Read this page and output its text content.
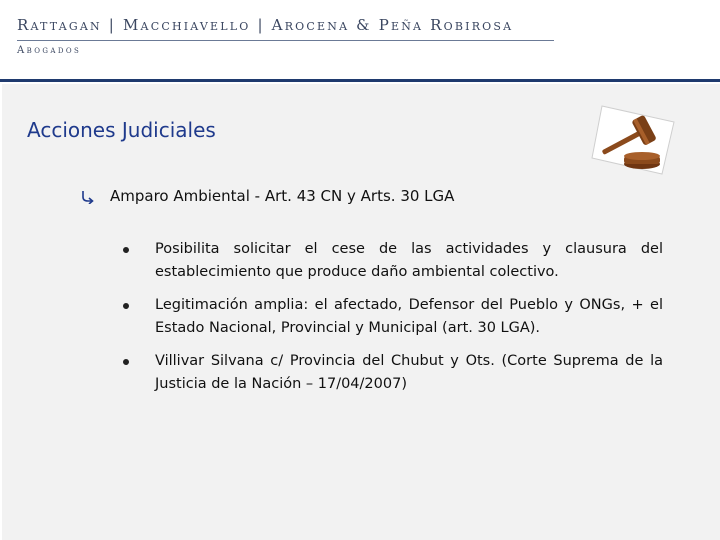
Rattagan | Macchiavello | Arocena & Peña Robirosa
Abogados
Acciones Judiciales
Amparo Ambiental - Art. 43 CN y Arts. 30 LGA
Posibilita solicitar el cese de las actividades y clausura del establecimiento que produce daño ambiental colectivo.
Legitimación amplia: el afectado, Defensor del Pueblo y ONGs, + el Estado Nacional, Provincial y Municipal (art. 30 LGA).
Villivar Silvana c/ Provincia del Chubut y Ots. (Corte Suprema de la Justicia de la Nación – 17/04/2007)
